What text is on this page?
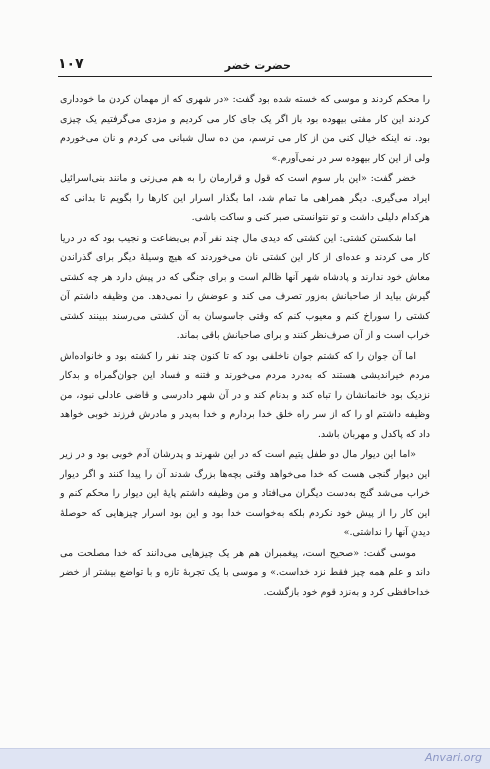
۱۰۷	حضرت خضر

را محکم کردند و موسی که خسته شده بود گفت: «در شهری که از مهمان کردن ما خودداری کردند این کار مفتی بیهوده بود باز اگر یک جای کار می کردیم و مزدی می‌گرفتیم یک چیزی بود. نه اینکه خیال کنی من از کار می ترسم، من ده سال شبانی می کردم و نان می‌خوردم ولی از این کار بیهوده سر در نمی‌آورم.»

خضر گفت: «این بار سوم است که قول و قرارمان را به هم می‌زنی و مانند بنی‌اسرائیل ایراد می‌گیری. دیگر همراهی ما تمام شد، اما بگذار اسرار این کارها را بگویم تا بدانی که هرکدام دلیلی داشت و تو نتوانستی صبر کنی و ساکت باشی.

اما شکستن کشتی: این کشتی که دیدی مال چند نفر آدم بی‌بضاعت و نجیب بود که در دریا کار می کردند و عده‌ای از کار این کشتی نان می‌خوردند که هیچ وسیلهٔ دیگر برای گذراندن معاش خود ندارند و پادشاه شهر آنها ظالم است و برای جنگی که در پیش دارد هر چه کشتی گیرش بیاید از صاحبانش به‌زور تصرف می کند و عوضش را نمی‌دهد. من وظیفه داشتم آن کشتی را سوراخ کنم و معیوب کنم که وقتی جاسوسان به آن کشتی می‌رسند ببینند کشتی خراب است و از آن صرف‌نظر کنند و برای صاحبانش باقی بماند.

اما آن جوان را که کشتم جوان ناخلفی بود که تا کنون چند نفر را کشته بود و خانواده‌اش مردم خیراندیشی هستند که به‌درد مردم می‌خورند و فتنه و فساد این جوان‌گمراه و بدکار نزدیک بود خانمانشان را تباه کند و بدنام کند و در آن شهر دادرسی و قاضی عادلی نبود، من وظیفه داشتم او را که از سر راه خلق خدا بردارم و خدا به‌پدر و مادرش فرزند خوبی خواهد داد که پاکدل و مهربان باشد.

«اما این دیوار مال دو طفل یتیم است که در این شهرند و پدرشان آدم خوبی بود و در زیر این دیوار گنجی هست که خدا می‌خواهد وقتی بچه‌ها بزرگ شدند آن را پیدا کنند و اگر دیوار خراب می‌شد گنج به‌دست دیگران می‌افتاد و من وظیفه داشتم پایهٔ این دیوار را محکم کنم و این کار را از پیش خود نکردم بلکه به‌خواست خدا بود و این بود اسرار چیزهایی که حوصلهٔ دیدنِ آنها را نداشتی.»

موسی گفت: «صحیح است، پیغمبران هم هر یک چیزهایی می‌دانند که خدا مصلحت می داند و علم همه چیز فقط نزد خداست.» و موسی با یک تجربهٔ تازه و با تواضع بیشتر از خضر خداحافظی کرد و به‌نزد قوم خود بازگشت.

Anvari.org
